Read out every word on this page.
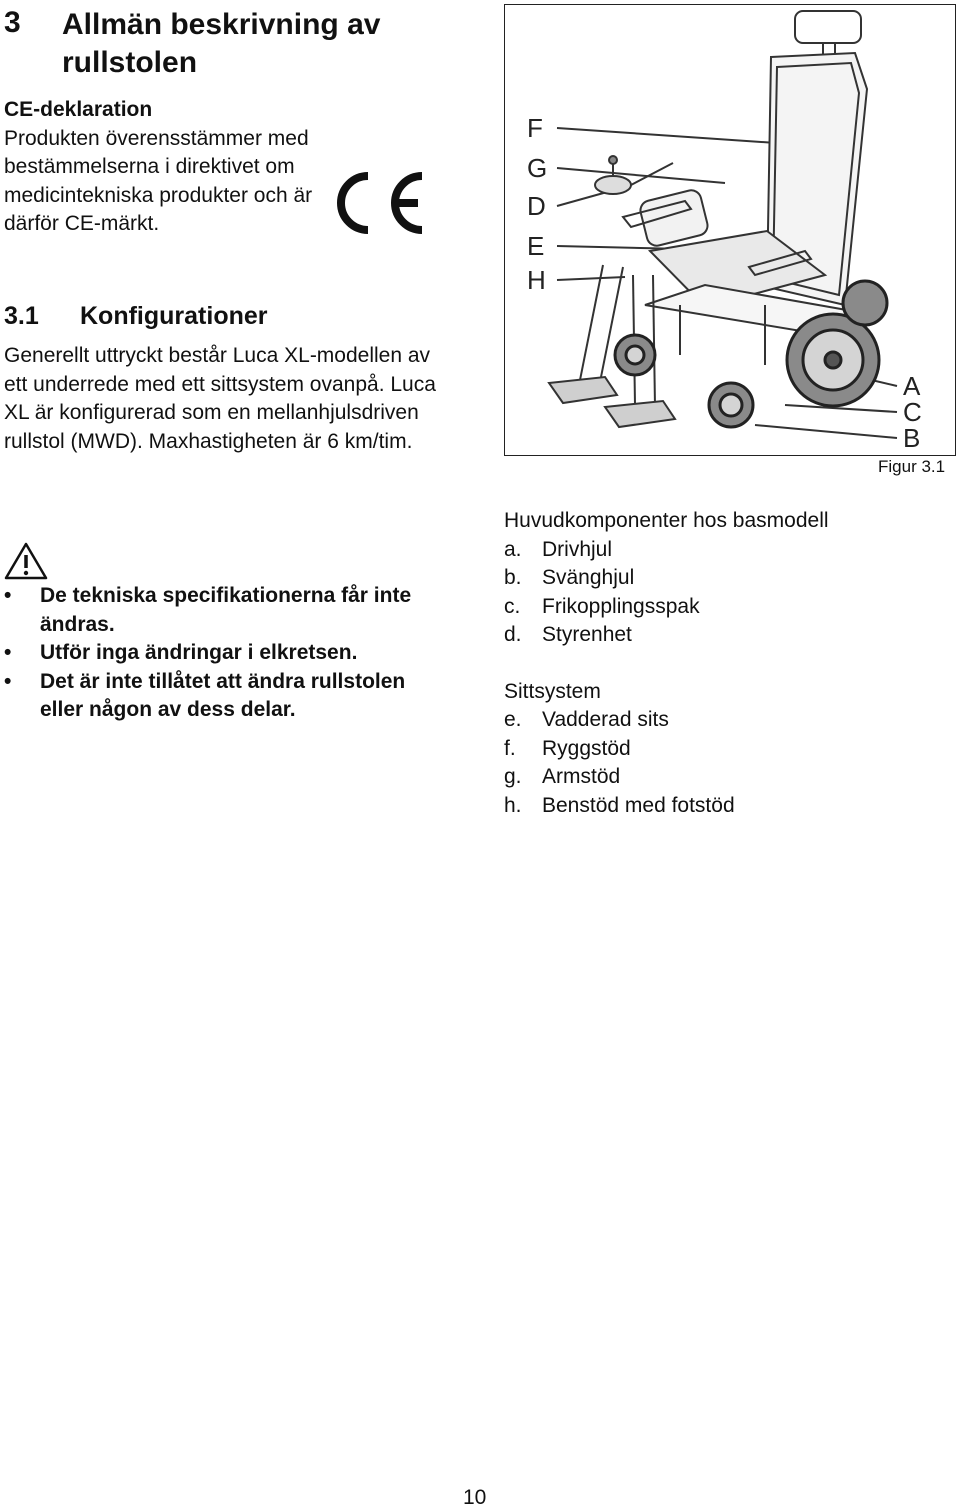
3 Allmän beskrivning av rullstolen
CE-deklaration
Produkten överensstämmer med bestämmelserna i direktivet om medicintekniska produkter och är därför CE-märkt.
3.1 Konfigurationer
Generellt uttryckt består Luca XL-modellen av ett underrede med ett sittsystem ovanpå. Luca XL är konfigurerad som en mellanhjulsdriven rullstol (MWD). Maxhastigheten är 6 km/tim.
• De tekniska specifikationerna får inte ändras.
• Utför inga ändringar i elkretsen.
• Det är inte tillåtet att ändra rullstolen eller någon av dess delar.
F
G
D
E
H
A
C
B
Figur 3.1
Huvudkomponenter hos basmodell
a. Drivhjul
b. Svänghjul
c.	Frikopplingsspak
d. Styrenhet
Sittsystem
e. Vadderad sits
f.	Ryggstöd
g. Armstöd
h. Benstöd med fotstöd
10
